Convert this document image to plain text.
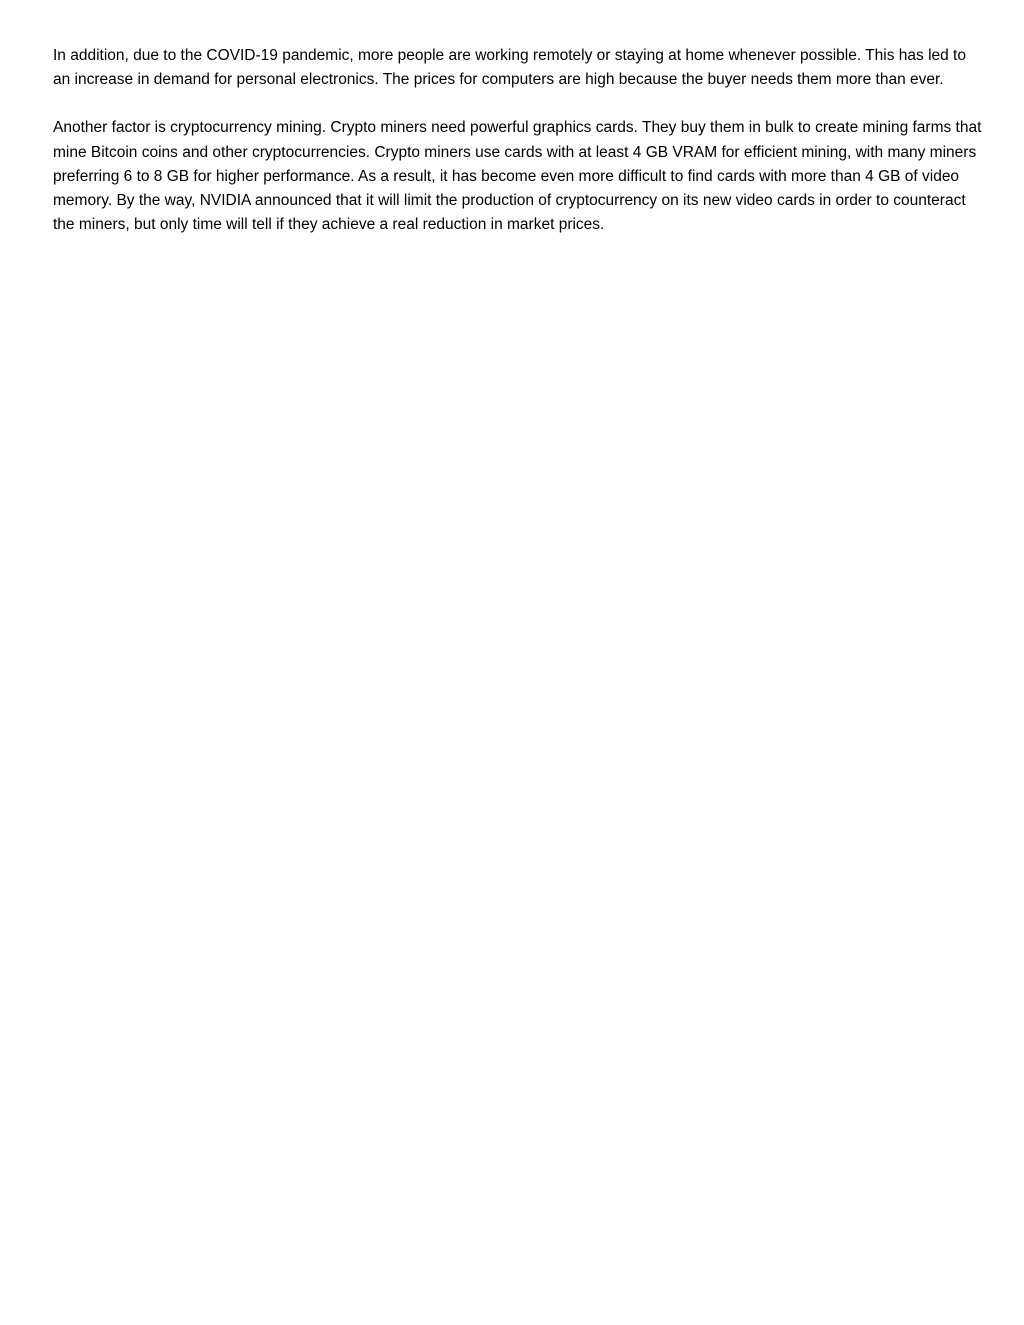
In addition, due to the COVID-19 pandemic, more people are working remotely or staying at home whenever possible. This has led to an increase in demand for personal electronics. The prices for computers are high because the buyer needs them more than ever.

Another factor is cryptocurrency mining. Crypto miners need powerful graphics cards. They buy them in bulk to create mining farms that mine Bitcoin coins and other cryptocurrencies. Crypto miners use cards with at least 4 GB VRAM for efficient mining, with many miners preferring 6 to 8 GB for higher performance. As a result, it has become even more difficult to find cards with more than 4 GB of video memory. By the way, NVIDIA announced that it will limit the production of cryptocurrency on its new video cards in order to counteract the miners, but only time will tell if they achieve a real reduction in market prices.
